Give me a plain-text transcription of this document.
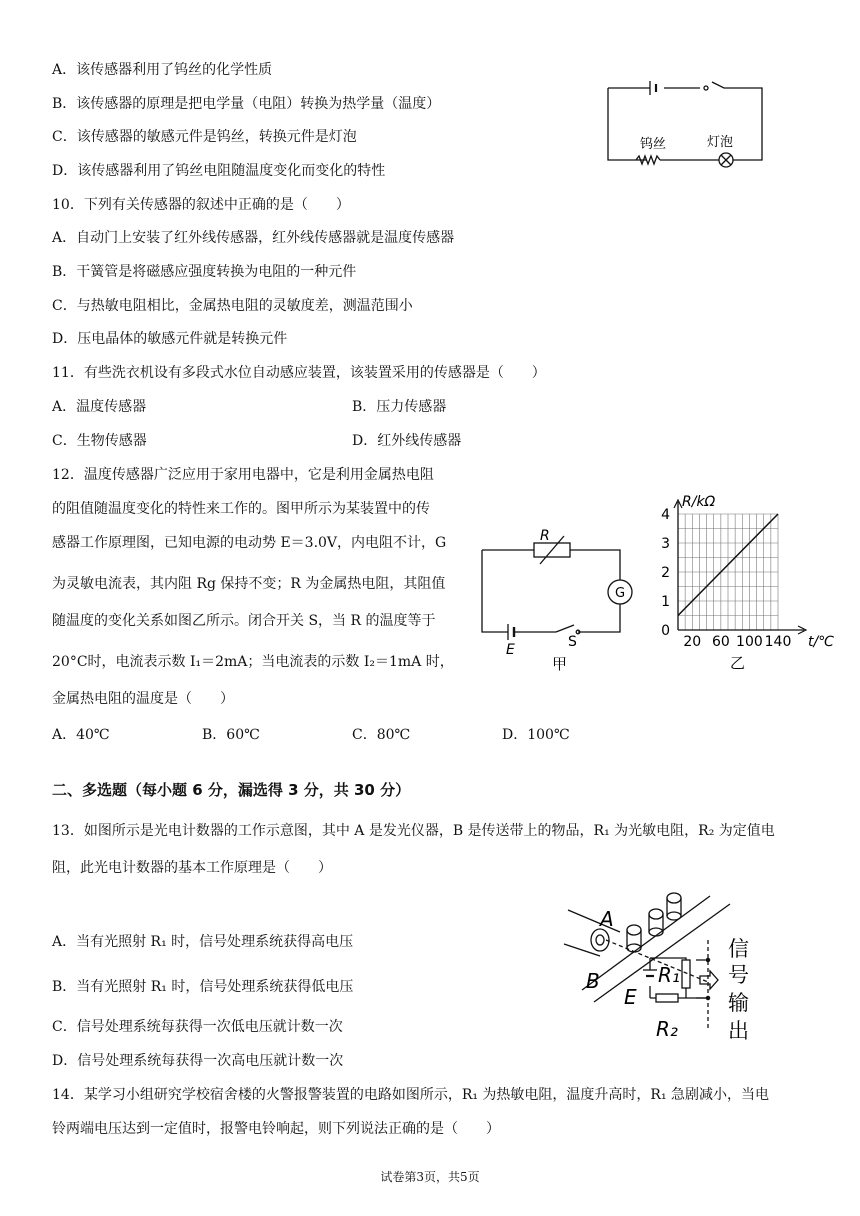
A．该传感器利用了钨丝的化学性质
B．该传感器的原理是把电学量（电阻）转换为热学量（温度）
C．该传感器的敏感元件是钨丝，转换元件是灯泡
D．该传感器利用了钨丝电阻随温度变化而变化的特性
钨丝	灯泡
10．下列有关传感器的叙述中正确的是（　　）
A．自动门上安装了红外线传感器，红外线传感器就是温度传感器
B．干簧管是将磁感应强度转换为电阻的一种元件
C．与热敏电阻相比，金属热电阻的灵敏度差，测温范围小
D．压电晶体的敏感元件就是转换元件
11．有些洗衣机设有多段式水位自动感应装置，该装置采用的传感器是（　　）
A．温度传感器	B．压力传感器
C．生物传感器	D．红外线传感器
12．温度传感器广泛应用于家用电器中，它是利用金属热电阻
的阻值随温度变化的特性来工作的。图甲所示为某装置中的传
感器工作原理图，已知电源的电动势 E＝3.0V，内电阻不计，G
为灵敏电流表，其内阻 Rg 保持不变；R 为金属热电阻，其阻值
随温度的变化关系如图乙所示。闭合开关 S，当 R 的温度等于
20°C时，电流表示数 I₁＝2mA；当电流表的示数 I₂＝1mA 时，
金属热电阻的温度是（　　）
A．40℃	B．60℃	C．80℃	D．100℃
R
G
E	S
甲
20 60 100 140
0
1
2
3
4
R/kΩ
t/℃
乙
二、多选题（每小题 6 分，漏选得 3 分，共 30 分）
13．如图所示是光电计数器的工作示意图，其中 A 是发光仪器，B 是传送带上的物品，R₁ 为光敏电阻，R₂ 为定值电
阻，此光电计数器的基本工作原理是（　　）
A．当有光照射 R₁ 时，信号处理系统获得高电压
B．当有光照射 R₁ 时，信号处理系统获得低电压
C．信号处理系统每获得一次低电压就计数一次
D．信号处理系统每获得一次高电压就计数一次
A
B
E
R₁
R₂
信
号
输
出
14．某学习小组研究学校宿舍楼的火警报警装置的电路如图所示，R₁ 为热敏电阻，温度升高时，R₁ 急剧减小，当电
铃两端电压达到一定值时，报警电铃响起，则下列说法正确的是（　　）
试卷第3页，共5页
